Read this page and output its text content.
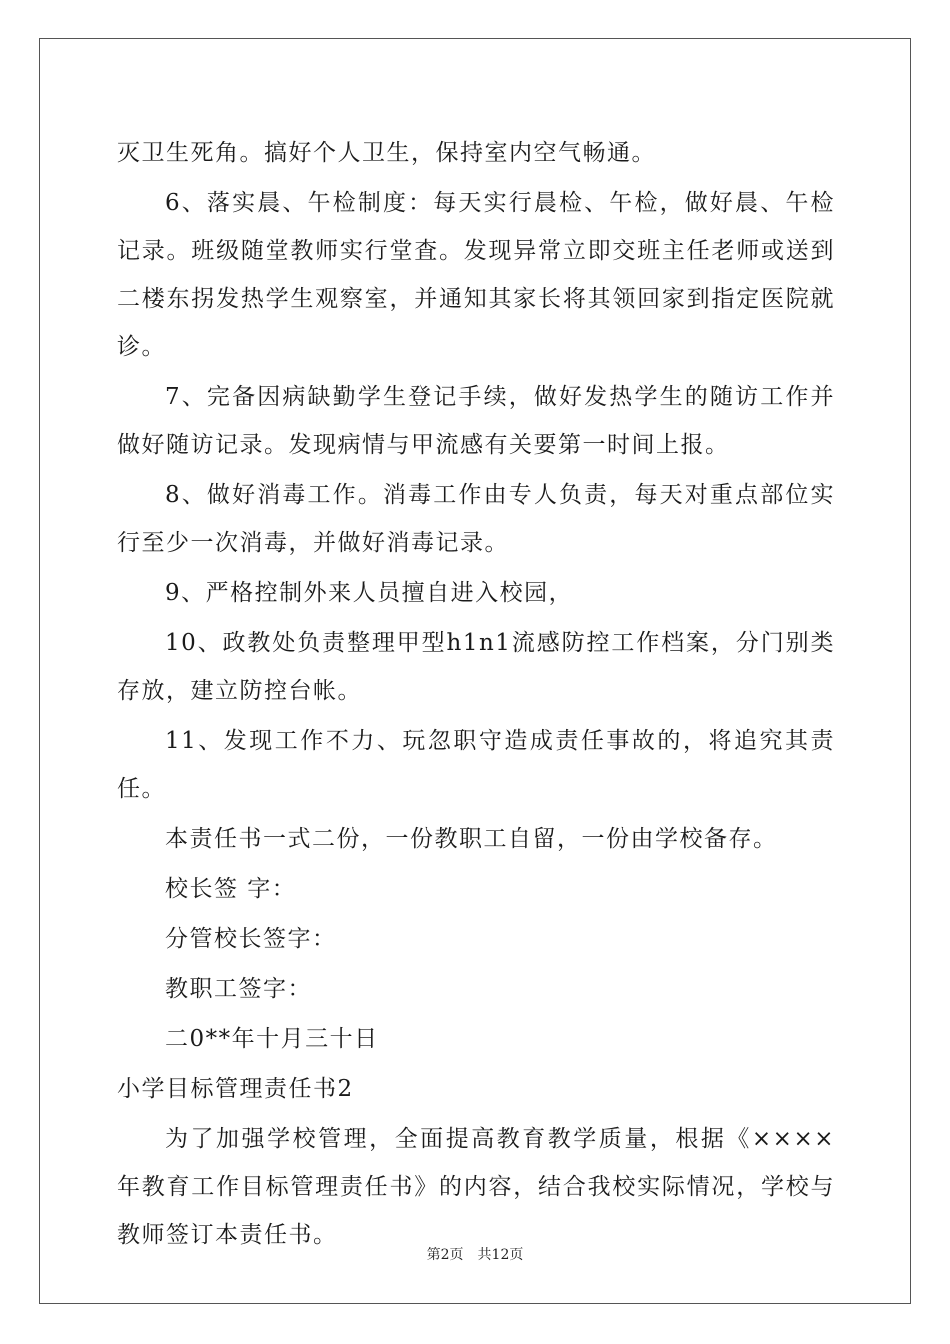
灭卫生死角。搞好个人卫生，保持室内空气畅通。

6、落实晨、午检制度：每天实行晨检、午检，做好晨、午检记录。班级随堂教师实行堂査。发现异常立即交班主任老师或送到二楼东拐发热学生观察室，并通知其家长将其领回家到指定医院就诊。

7、完备因病缺勤学生登记手续，做好发热学生的随访工作并做好随访记录。发现病情与甲流感有关要第一时间上报。

8、做好消毒工作。消毒工作由专人负责，每天对重点部位实行至少一次消毒，并做好消毒记录。

9、严格控制外来人员擅自进入校园，

10、政教处负责整理甲型h1n1流感防控工作档案，分门别类存放，建立防控台帐。

11、发现工作不力、玩忽职守造成责任事故的，将追究其责任。

本责任书一式二份，一份教职工自留，一份由学校备存。

校长签 字：

分管校长签字：

教职工签字：

二0**年十月三十日

小学目标管理责任书2

为了加强学校管理，全面提高教育教学质量，根据《××××年教育工作目标管理责任书》的内容，结合我校实际情况，学校与教师签订本责任书。

第2页 共12页
